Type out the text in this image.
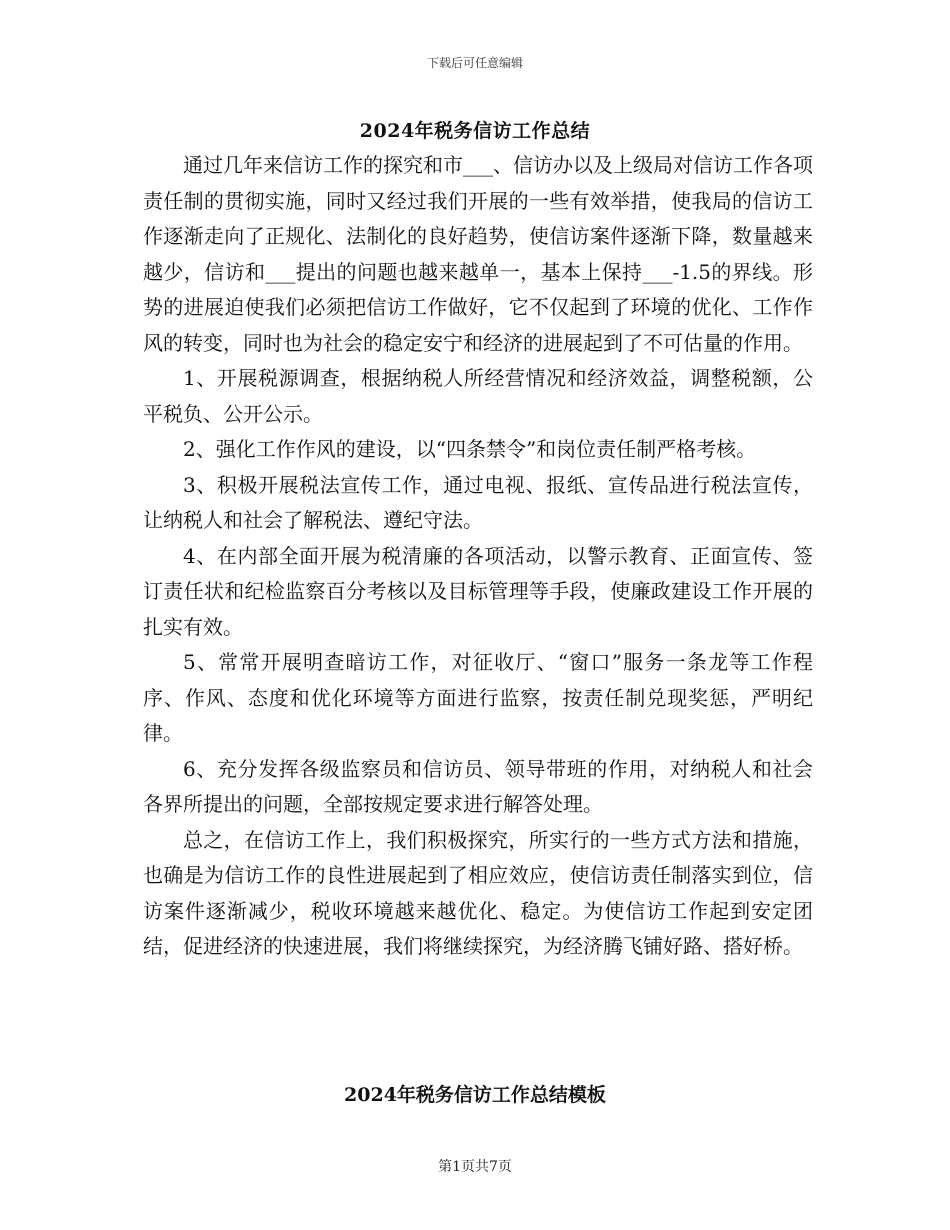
下载后可任意编辑
2024年税务信访工作总结

通过几年来信访工作的探究和市___、信访办以及上级局对信访工作各项责任制的贯彻实施，同时又经过我们开展的一些有效举措，使我局的信访工作逐渐走向了正规化、法制化的良好趋势，使信访案件逐渐下降，数量越来越少，信访和___提出的问题也越来越单一，基本上保持___-1.5的界线。形势的进展迫使我们必须把信访工作做好，它不仅起到了环境的优化、工作作风的转变，同时也为社会的稳定安宁和经济的进展起到了不可估量的作用。

1、开展税源调查，根据纳税人所经营情况和经济效益，调整税额，公平税负、公开公示。

2、强化工作作风的建设，以“四条禁令”和岗位责任制严格考核。

3、积极开展税法宣传工作，通过电视、报纸、宣传品进行税法宣传，让纳税人和社会了解税法、遵纪守法。

4、在内部全面开展为税清廉的各项活动，以警示教育、正面宣传、签订责任状和纪检监察百分考核以及目标管理等手段，使廉政建设工作开展的扎实有效。

5、常常开展明查暗访工作，对征收厅、“窗口”服务一条龙等工作程序、作风、态度和优化环境等方面进行监察，按责任制兑现奖惩，严明纪律。

6、充分发挥各级监察员和信访员、领导带班的作用，对纳税人和社会各界所提出的问题，全部按规定要求进行解答处理。

总之，在信访工作上，我们积极探究，所实行的一些方式方法和措施，也确是为信访工作的良性进展起到了相应效应，使信访责任制落实到位，信访案件逐渐减少，税收环境越来越优化、稳定。为使信访工作起到安定团结，促进经济的快速进展，我们将继续探究，为经济腾飞铺好路、搭好桥。

2024年税务信访工作总结模板
第1页共7页
